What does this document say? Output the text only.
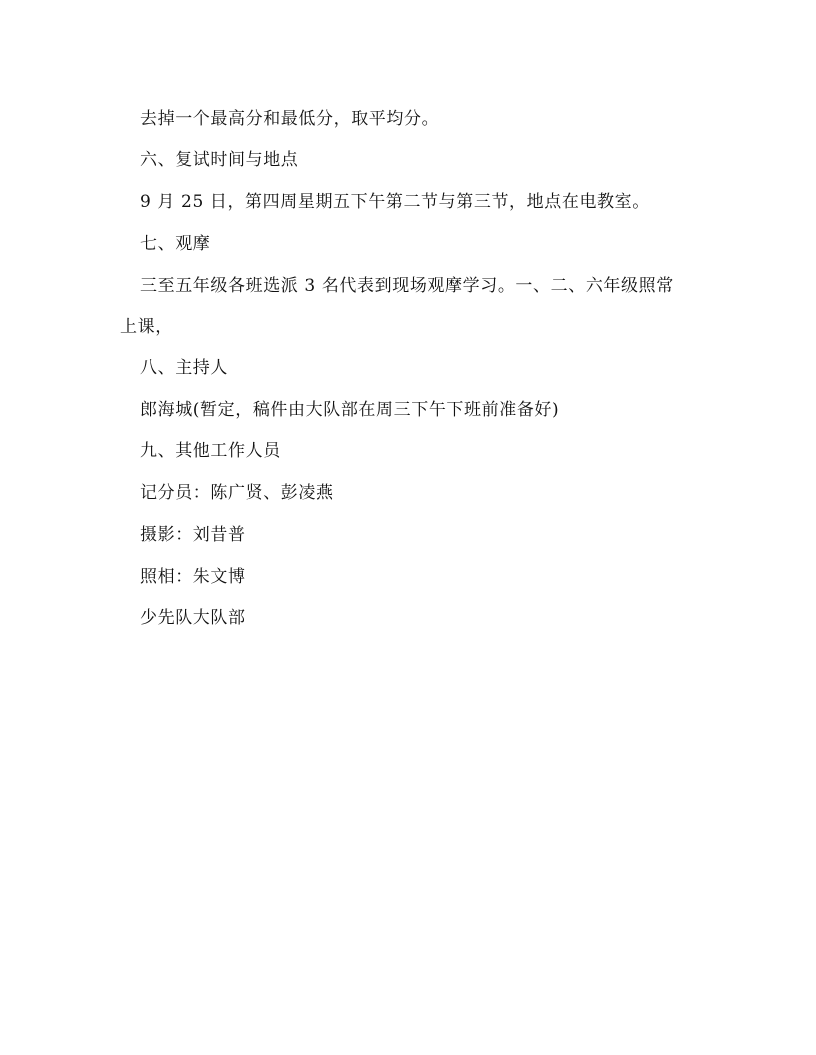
去掉一个最高分和最低分，取平均分。
六、复试时间与地点
9 月 25 日，第四周星期五下午第二节与第三节，地点在电教室。
七、观摩
三至五年级各班选派 3 名代表到现场观摩学习。一、二、六年级照常
上课，
八、主持人
郎海城(暂定，稿件由大队部在周三下午下班前准备好)
九、其他工作人员
记分员：陈广贤、彭凌燕
摄影：刘昔普
照相：朱文博
少先队大队部
